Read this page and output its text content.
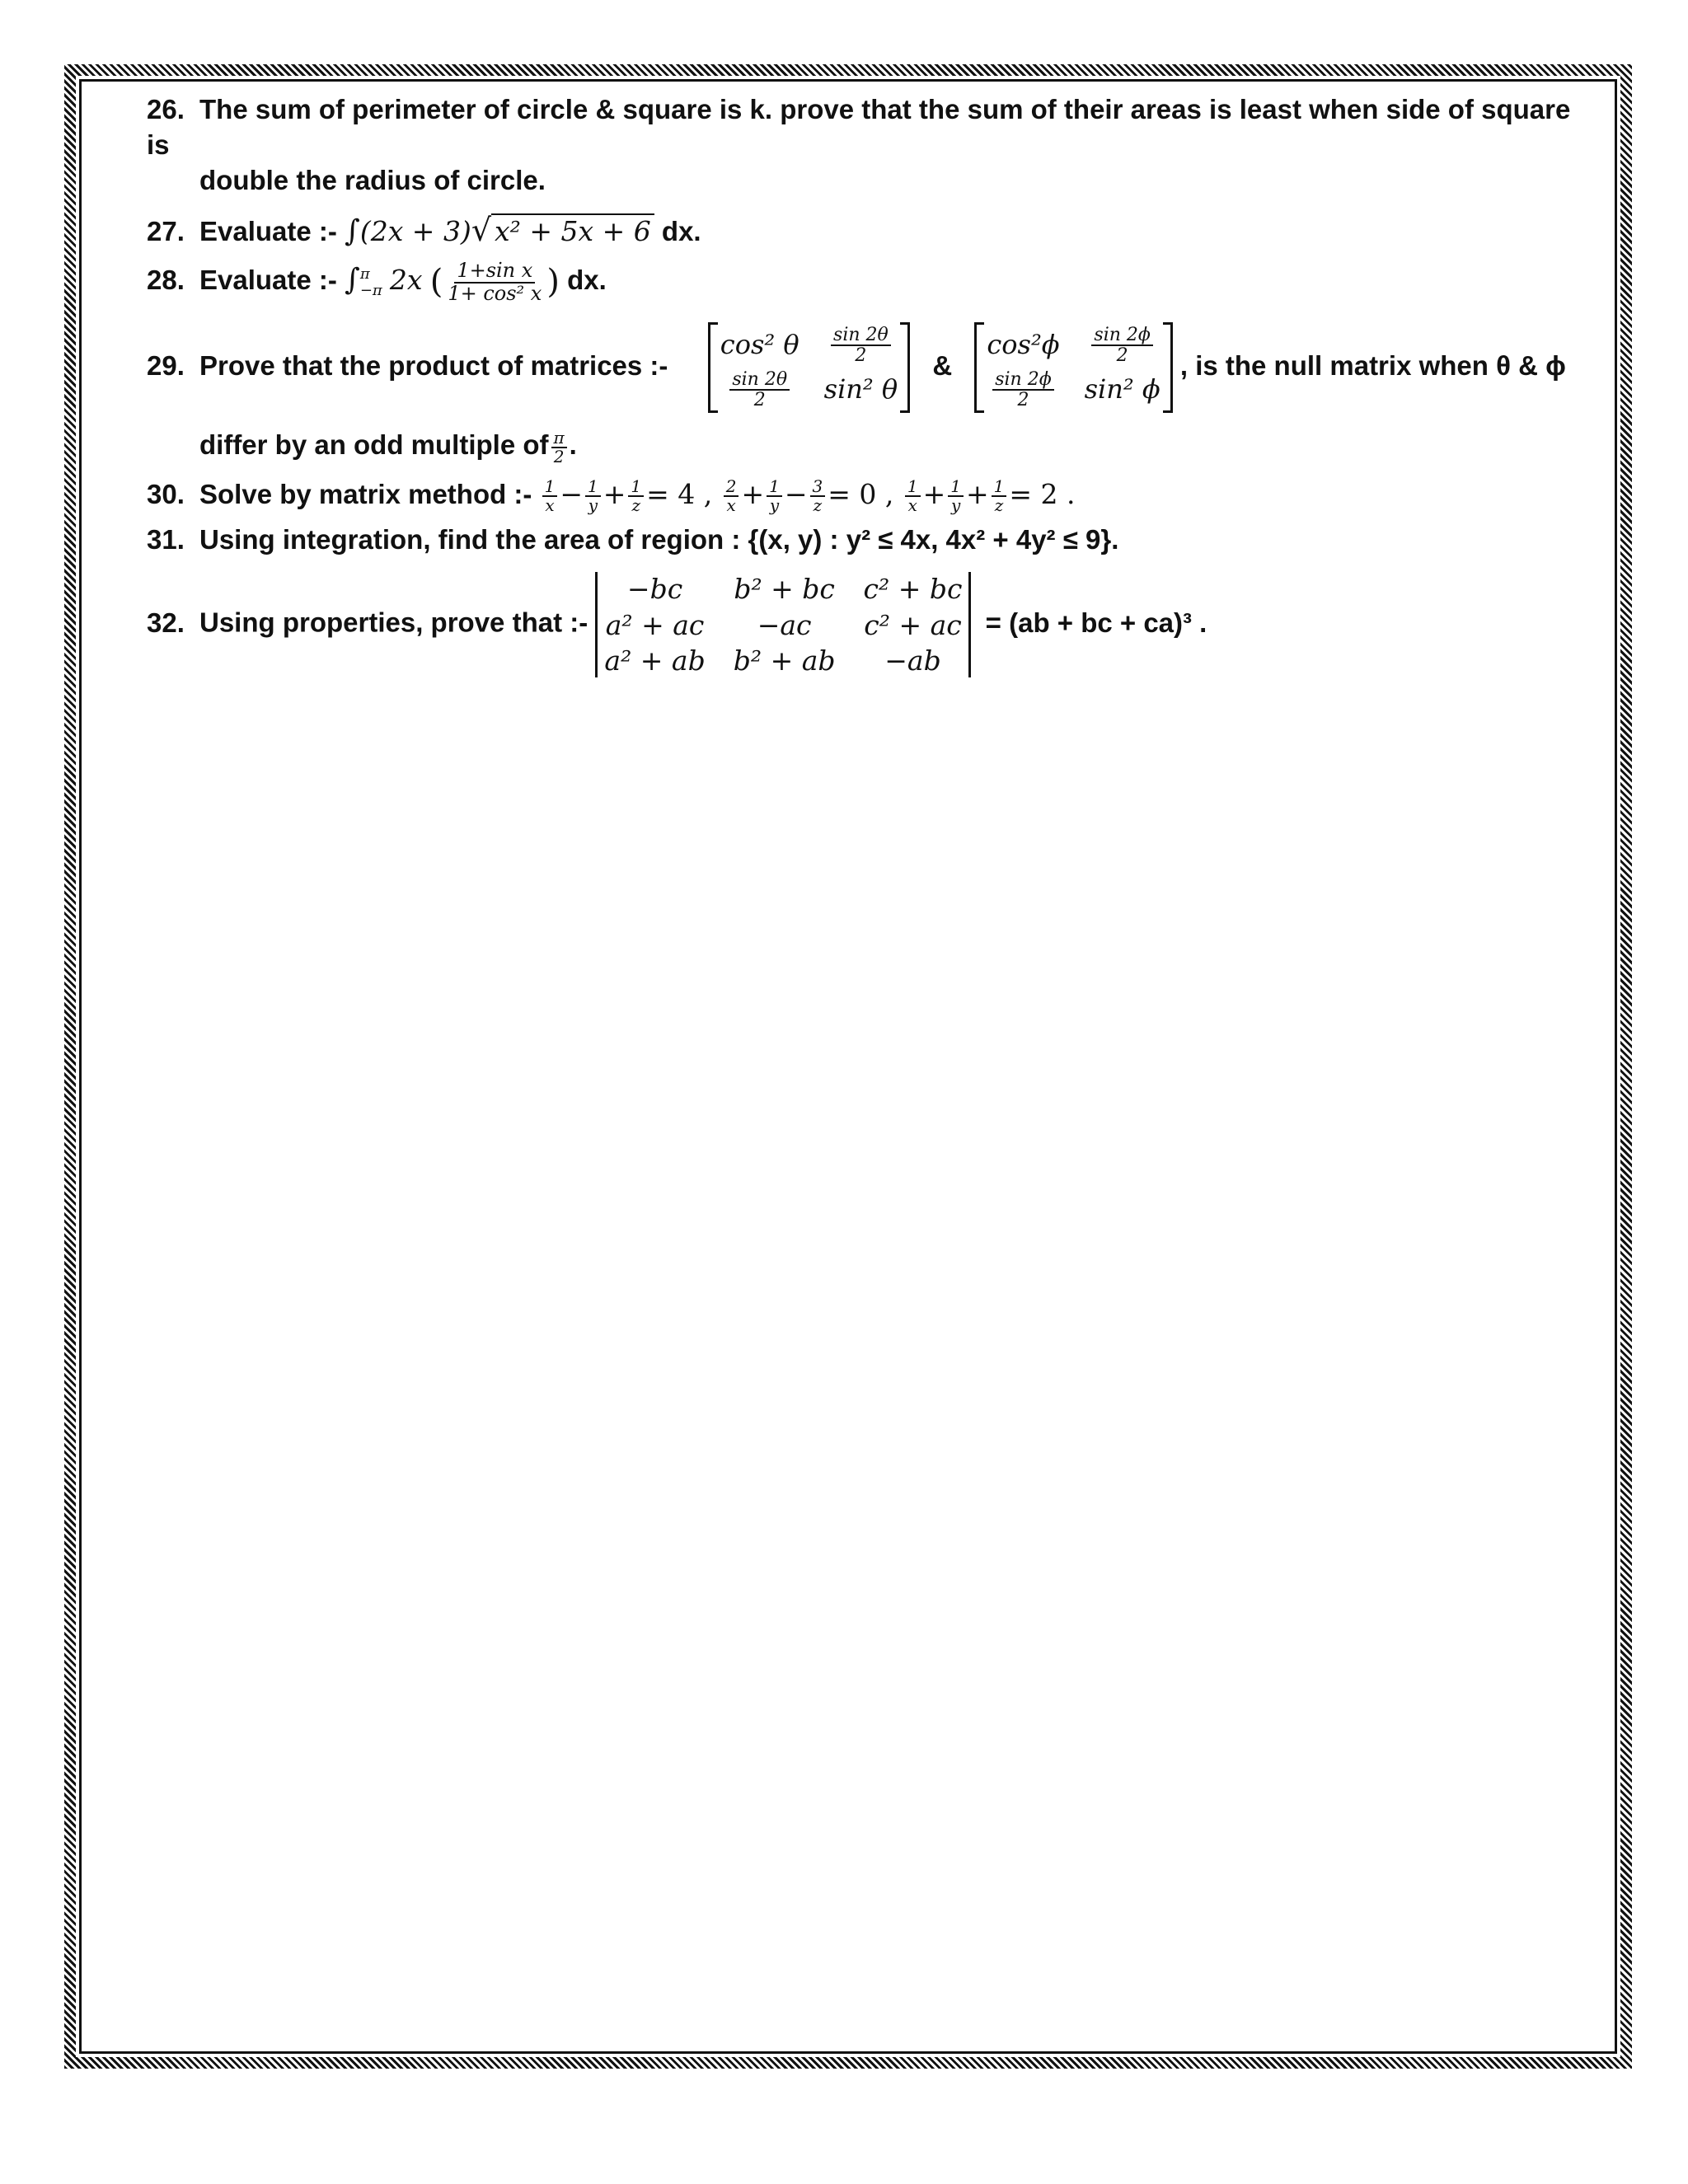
26. The sum of perimeter of circle & square is k. prove that the sum of their areas is least when side of square is
double the radius of circle.
27. Evaluate :- ∫(2x + 3)√ x² + 5x + 6 dx.
28. Evaluate :- ∫ π
−π 2x ( $\frac{\text{1+sin x}}{\text{1+ cos² x}}$ ) dx.
29. Prove that the product of matrices :-
cos² θ $\frac{\sin 2\theta}{2}$
$\frac{\sin 2\theta}{2} \sin^2$ θ
&
$\cos^2\phi \frac{\sin 2\phi}{2}$
$\frac{\sin 2\phi}{2} \sin^2$ ϕ
, is the null matrix when θ & ϕ
differ by an odd multiple of $\frac{\pi}{2}$ .
30. Solve by matrix method :- $\frac{1}{x} - \frac{1}{y} + \frac{1}{z} = 4$ , $\frac{2}{x} + \frac{1}{y} - \frac{3}{z} = 0$ , $\frac{1}{x} + \frac{1}{y} + \frac{1}{z} = 2$ .
31. Using integration, find the area of region : {(x, y) : y² ≤ 4x, 4x² + 4y² ≤ 9}.
32. Using properties, prove that :-
−bc b² + bc c² + bc
a² + ac −ac c² + ac
a² + ab b² + ab −ab
= (ab + bc + ca)³ .
